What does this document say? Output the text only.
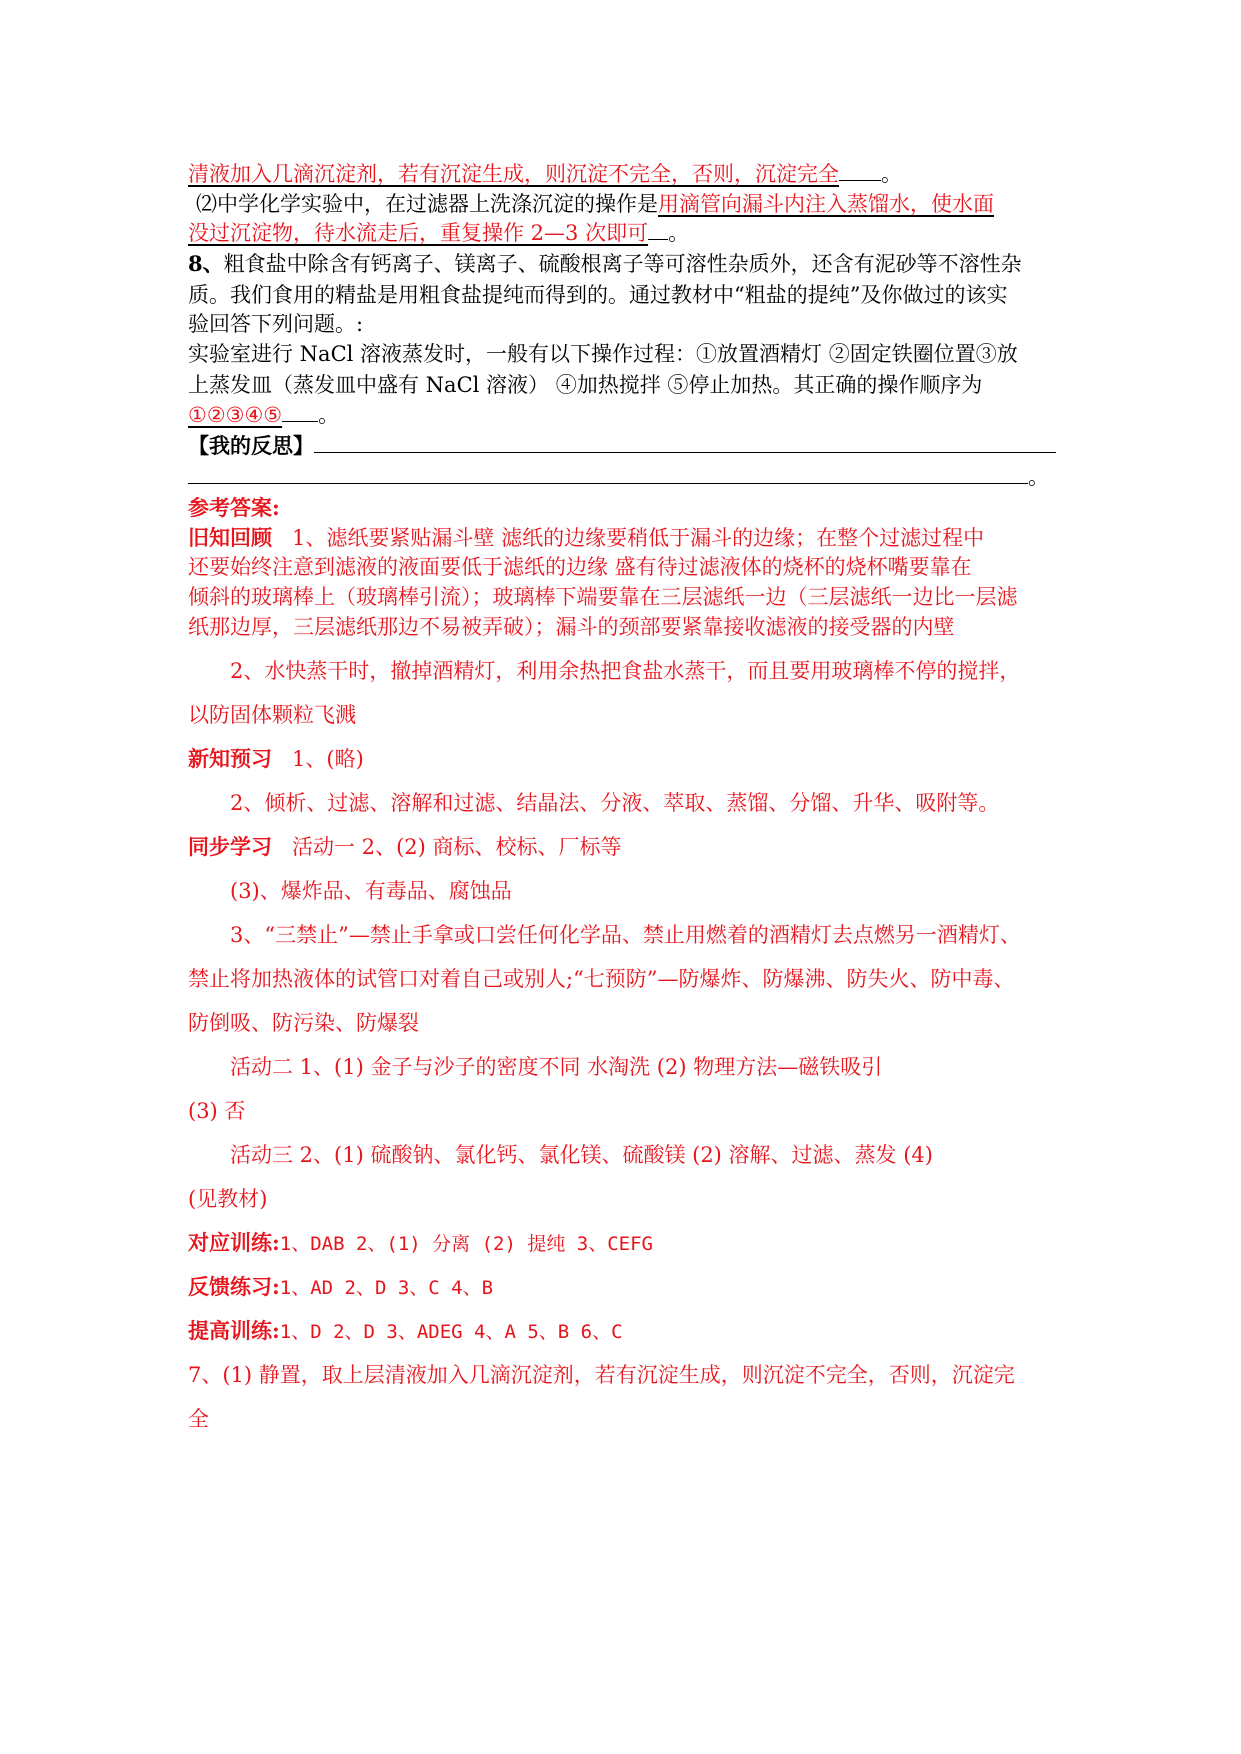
清液加入几滴沉淀剂，若有沉淀生成，则沉淀不完全，否则，沉淀完全 。
⑵中学化学实验中，在过滤器上洗涤沉淀的操作是用滴管向漏斗内注入蒸馏水，使水面
没过沉淀物，待水流走后，重复操作 2—3 次即可 。
8、粗食盐中除含有钙离子、镁离子、硫酸根离子等可溶性杂质外，还含有泥砂等不溶性杂
质。我们食用的精盐是用粗食盐提纯而得到的。通过教材中“粗盐的提纯”及你做过的该实
验回答下列问题。:
实验室进行 NaCl 溶液蒸发时，一般有以下操作过程：①放置酒精灯 ②固定铁圈位置③放
上蒸发皿（蒸发皿中盛有 NaCl 溶液） ④加热搅拌 ⑤停止加热。其正确的操作顺序为
①②③④⑤ 。
【我的反思】
。
参考答案:
旧知回顾 1、滤纸要紧贴漏斗壁 滤纸的边缘要稍低于漏斗的边缘；在整个过滤过程中
还要始终注意到滤液的液面要低于滤纸的边缘 盛有待过滤液体的烧杯的烧杯嘴要靠在
倾斜的玻璃棒上（玻璃棒引流）；玻璃棒下端要靠在三层滤纸一边（三层滤纸一边比一层滤
纸那边厚，三层滤纸那边不易被弄破）；漏斗的颈部要紧靠接收滤液的接受器的内壁
2、水快蒸干时，撤掉酒精灯，利用余热把食盐水蒸干，而且要用玻璃棒不停的搅拌，
以防固体颗粒飞溅
新知预习 1、(略)
2、倾析、过滤、溶解和过滤、结晶法、分液、萃取、蒸馏、分馏、升华、吸附等。
同步学习 活动一 2、(2) 商标、校标、厂标等
(3)、爆炸品、有毒品、腐蚀品
3、“三禁止”—禁止手拿或口尝任何化学品、禁止用燃着的酒精灯去点燃另一酒精灯、
禁止将加热液体的试管口对着自己或别人;“七预防”—防爆炸、防爆沸、防失火、防中毒、
防倒吸、防污染、防爆裂
活动二 1、(1) 金子与沙子的密度不同 水淘洗 (2) 物理方法—磁铁吸引
(3) 否
活动三 2、(1) 硫酸钠、氯化钙、氯化镁、硫酸镁 (2) 溶解、过滤、蒸发 (4)
(见教材)
对应训练:1、DAB 2、(1) 分离 (2) 提纯 3、CEFG
反馈练习:1、AD 2、D 3、C 4、B
提高训练:1、D 2、D 3、ADEG 4、A 5、B 6、C
7、(1) 静置，取上层清液加入几滴沉淀剂，若有沉淀生成，则沉淀不完全，否则，沉淀完
全
